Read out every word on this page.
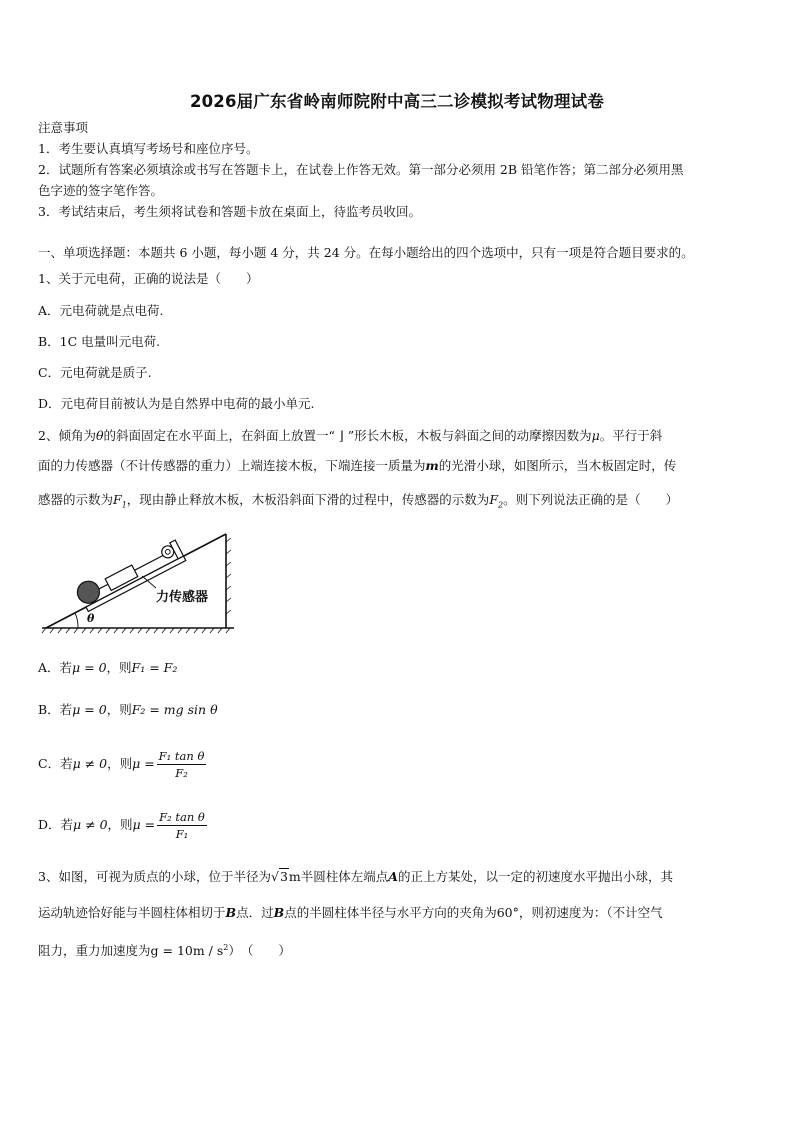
2026届广东省岭南师院附中高三二诊模拟考试物理试卷
注意事项
1．考生要认真填写考场号和座位序号。
2．试题所有答案必须填涂或书写在答题卡上，在试卷上作答无效。第一部分必须用 2B 铅笔作答；第二部分必须用黑
色字迹的签字笔作答。
3．考试结束后，考生须将试卷和答题卡放在桌面上，待监考员收回。
一、单项选择题：本题共 6 小题，每小题 4 分，共 24 分。在每小题给出的四个选项中，只有一项是符合题目要求的。
1、关于元电荷，正确的说法是（　　）
A．元电荷就是点电荷.
B．1C 电量叫元电荷.
C．元电荷就是质子.
D．元电荷目前被认为是自然界中电荷的最小单元.
2、倾角为θ的斜面固定在水平面上，在斜面上放置一“ ⌋ ”形长木板，木板与斜面之间的动摩擦因数为μ。平行于斜
面的力传感器（不计传感器的重力）上端连接木板，下端连接一质量为m的光滑小球，如图所示，当木板固定时，传
感器的示数为$F_1$，现由静止释放木板，木板沿斜面下滑的过程中，传感器的示数为$F_2$。则下列说法正确的是（　　）
力传感器
θ
A．若μ = 0，则F₁ = F₂
B．若μ = 0，则F₂ = mg sin θ
C．若μ ≠ 0，则$\mu = \frac{\text{F₁ tan θ}}{\text{F₂}}$
D．若μ ≠ 0，则$\mu = \frac{\text{F₂ tan θ}}{\text{F₁}}$
3、如图，可视为质点的小球，位于半径为√3m半圆柱体左端点A的正上方某处，以一定的初速度水平抛出小球，其
运动轨迹恰好能与半圆柱体相切于B点．过B点的半圆柱体半径与水平方向的夹角为60°，则初速度为：（不计空气
阻力，重力加速度为$g = 10m / s^2$）　（　　）
